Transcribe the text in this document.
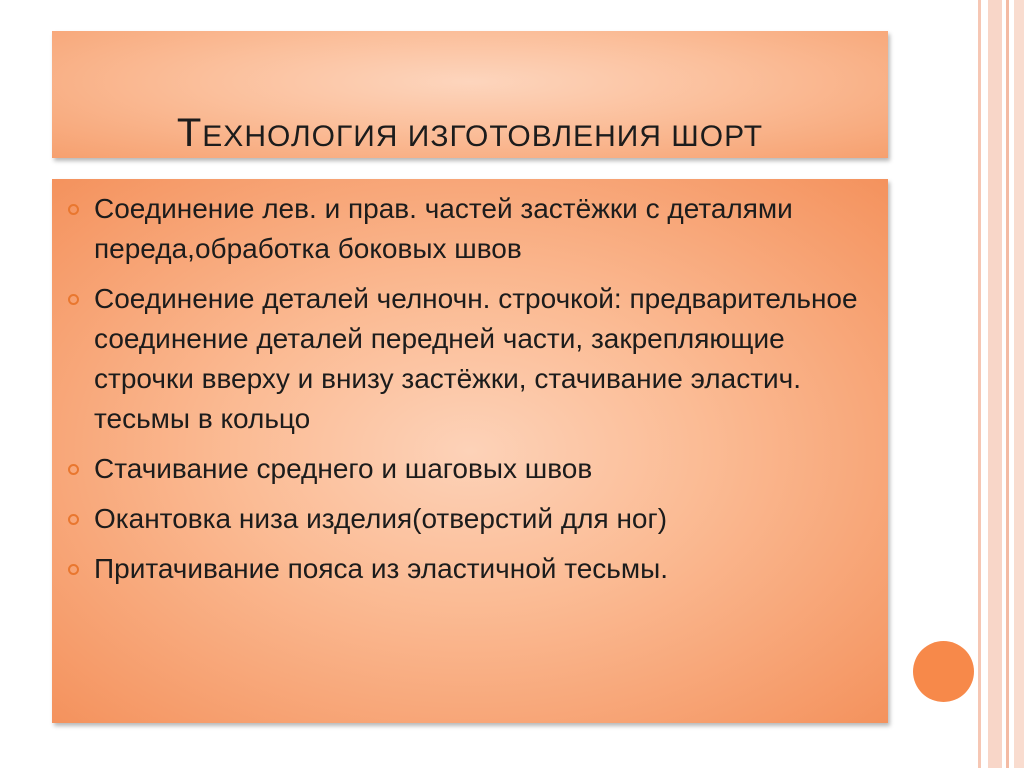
ТЕХНОЛОГИЯ ИЗГОТОВЛЕНИЯ ШОРТ
Соединение лев. и прав. частей застёжки с деталями переда,обработка боковых швов
Соединение деталей челночн. строчкой: предварительное соединение деталей передней части, закрепляющие строчки вверху и внизу застёжки, стачивание эластич. тесьмы в кольцо
Стачивание среднего и шаговых швов
Окантовка низа изделия(отверстий для ног)
Притачивание пояса из эластичной тесьмы.
